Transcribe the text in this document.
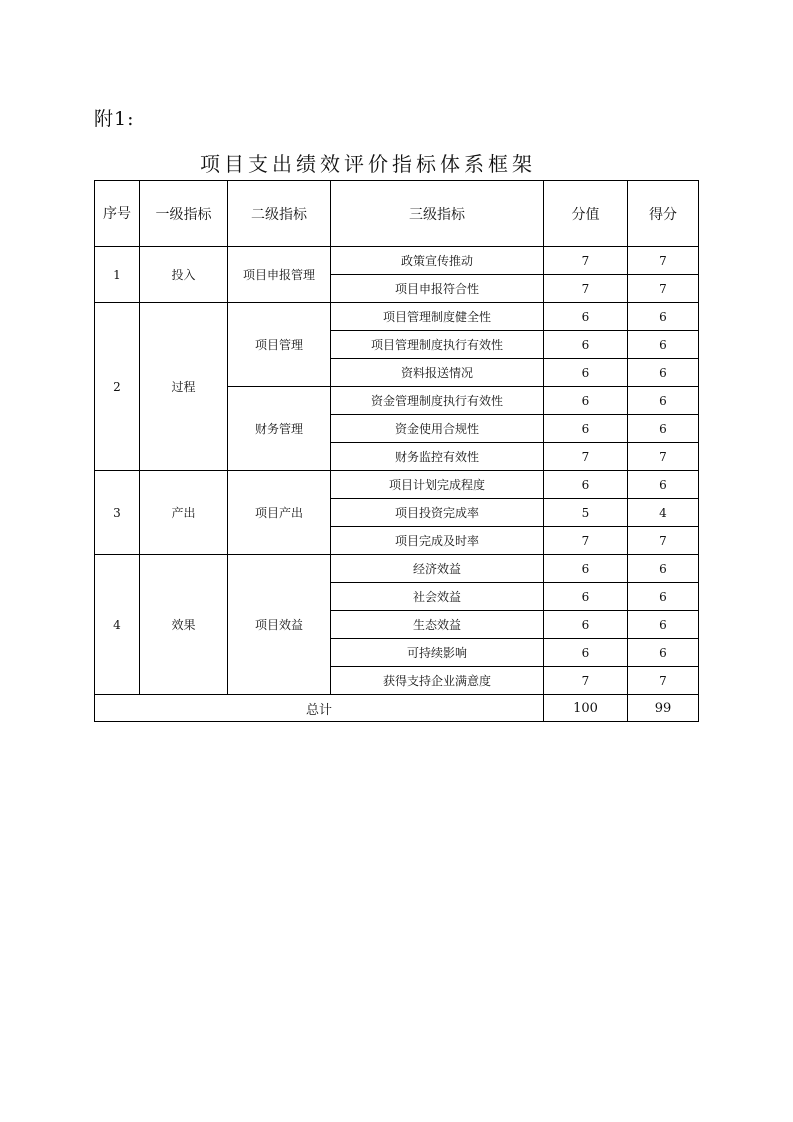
附1:
项目支出绩效评价指标体系框架
序号	一级指标	二级指标	三级指标	分值	得分
1	投入	项目申报管理	政策宣传推动	7	7
			项目申报符合性	7	7
2	过程	项目管理	项目管理制度健全性	6	6
			项目管理制度执行有效性	6	6
			资料报送情况	6	6
		财务管理	资金管理制度执行有效性	6	6
			资金使用合规性	6	6
			财务监控有效性	7	7
3	产出	项目产出	项目计划完成程度	6	6
			项目投资完成率	5	4
			项目完成及时率	7	7
4	效果	项目效益	经济效益	6	6
			社会效益	6	6
			生态效益	6	6
			可持续影响	6	6
			获得支持企业满意度	7	7
总计				100	99
